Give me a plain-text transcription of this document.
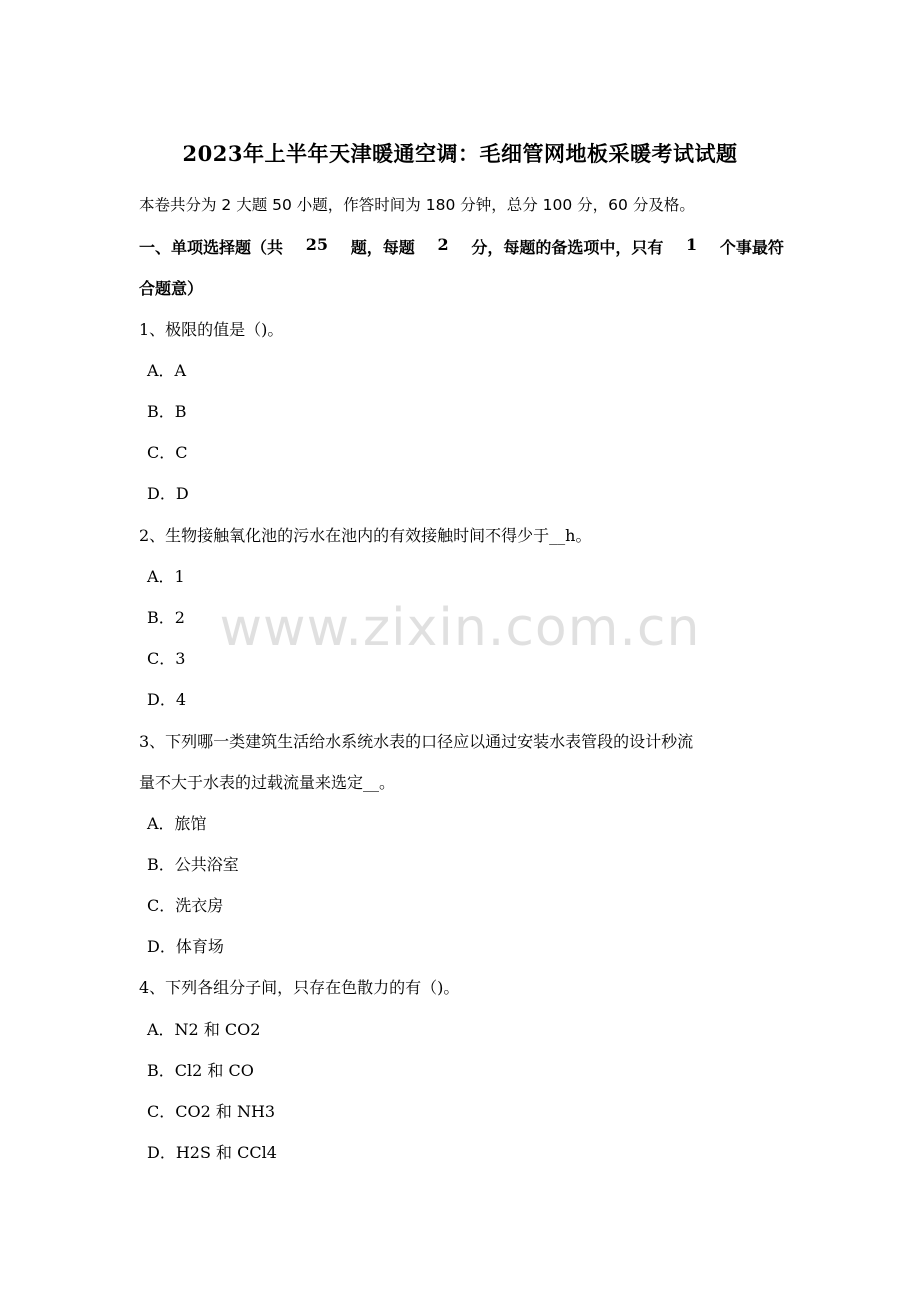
2023年上半年天津暖通空调：毛细管网地板采暖考试试题
本卷共分为 2 大题 50 小题，作答时间为 180 分钟，总分 100 分，60 分及格。
一、单项选择题（共 25 题，每题 2 分，每题的备选项中，只有 1 个事最符
合题意）
1、极限的值是（)。
A．A
B．B
C．C
D．D
2、生物接触氧化池的污水在池内的有效接触时间不得少于__h。
A．1
B．2
C．3
D．4
3、下列哪一类建筑生活给水系统水表的口径应以通过安装水表管段的设计秒流
量不大于水表的过载流量来选定__。
A．旅馆
B．公共浴室
C．洗衣房
D．体育场
4、下列各组分子间，只存在色散力的有（)。
A．N2 和 CO2
B．Cl2 和 CO
C．CO2 和 NH3
D．H2S 和 CCl4
www.zixin.com.cn
